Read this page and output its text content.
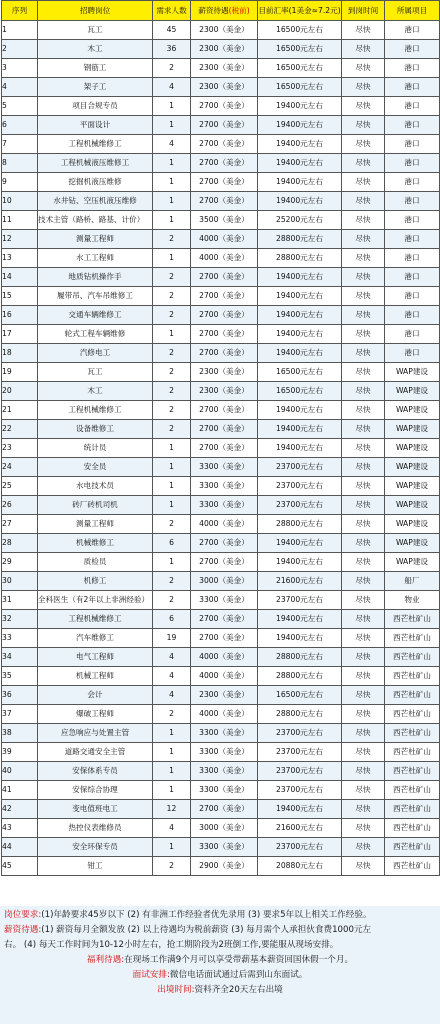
序列	招聘岗位	需求人数	薪资待遇(税前)	目前汇率(1美金≈7.2元)	到岗时间	所属项目
1	瓦工	45	2300（美金）	16500元左右	尽快	港口
2	木工	36	2300（美金）	16500元左右	尽快	港口
3	钢筋工	2	2300（美金）	16500元左右	尽快	港口
4	架子工	4	2300（美金）	16500元左右	尽快	港口
5	项目合规专员	1	2700（美金）	19400元左右	尽快	港口
6	平面设计	1	2700（美金）	19400元左右	尽快	港口
7	工程机械维修工	4	2700（美金）	19400元左右	尽快	港口
8	工程机械液压维修工	1	2700（美金）	19400元左右	尽快	港口
9	挖掘机液压维修	1	2700（美金）	19400元左右	尽快	港口
10	水井钻、空压机液压维修	1	2700（美金）	19400元左右	尽快	港口
11	技术主管（路桥、路基、计价）	1	3500（美金）	25200元左右	尽快	港口
12	测量工程师	2	4000（美金）	28800元左右	尽快	港口
13	水工工程师	1	4000（美金）	28800元左右	尽快	港口
14	地质钻机操作手	2	2700（美金）	19400元左右	尽快	港口
15	履带吊、汽车吊维修工	2	2700（美金）	19400元左右	尽快	港口
16	交通车辆维修工	2	2700（美金）	19400元左右	尽快	港口
17	轮式工程车辆维修	1	2700（美金）	19400元左右	尽快	港口
18	汽修电工	2	2700（美金）	19400元左右	尽快	港口
19	瓦工	2	2300（美金）	16500元左右	尽快	WAP建设
20	木工	2	2300（美金）	16500元左右	尽快	WAP建设
21	工程机械维修工	2	2700（美金）	19400元左右	尽快	WAP建设
22	设备维修工	2	2700（美金）	19400元左右	尽快	WAP建设
23	统计员	1	2700（美金）	19400元左右	尽快	WAP建设
24	安全员	1	3300（美金）	23700元左右	尽快	WAP建设
25	水电技术员	1	3300（美金）	23700元左右	尽快	WAP建设
26	砖厂砖机司机	1	3300（美金）	23700元左右	尽快	WAP建设
27	测量工程师	2	4000（美金）	28800元左右	尽快	WAP建设
28	机械维修工	6	2700（美金）	19400元左右	尽快	WAP建设
29	质检员	1	2700（美金）	19400元左右	尽快	WAP建设
30	机修工	2	3000（美金）	21600元左右	尽快	船厂
31	全科医生（有2年以上非洲经验）	2	3300（美金）	23700元左右	尽快	物业
32	工程机械维修工	6	2700（美金）	19400元左右	尽快	西芒杜矿山
33	汽车维修工	19	2700（美金）	19400元左右	尽快	西芒杜矿山
34	电气工程师	4	4000（美金）	28800元左右	尽快	西芒杜矿山
35	机械工程师	4	4000（美金）	28800元左右	尽快	西芒杜矿山
36	会计	4	2300（美金）	16500元左右	尽快	西芒杜矿山
37	爆破工程师	2	4000（美金）	28800元左右	尽快	西芒杜矿山
38	应急响应与处置主管	1	3300（美金）	23700元左右	尽快	西芒杜矿山
39	道路交通安全主管	1	3300（美金）	23700元左右	尽快	西芒杜矿山
40	安保体系专员	1	3300（美金）	23700元左右	尽快	西芒杜矿山
41	安保综合协理	1	3300（美金）	23700元左右	尽快	西芒杜矿山
42	变电值班电工	12	2700（美金）	19400元左右	尽快	西芒杜矿山
43	热控仪表维修员	4	3000（美金）	21600元左右	尽快	西芒杜矿山
44	安全环保专员	1	3300（美金）	23700元左右	尽快	西芒杜矿山
45	钳工	2	2900（美金）	20880元左右	尽快	西芒杜矿山
岗位要求:(1)年龄要求45岁以下 (2) 有非洲工作经验者优先录用 (3) 要求5年以上相关工作经验。
薪资待遇:(1) 薪资每月全额发放 (2) 以上待遇均为税前薪资 (3) 每月需个人承担伙食费1000元左
右。 (4) 每天工作时间为10-12小时左右，抢工期阶段为2班倒工作,要能服从现场安排。
福利待遇:在现场工作满9个月可以享受带薪基本薪资回国休假一个月。
面试安排:微信电话面试通过后需到山东面试。
出境时间:资料齐全20天左右出境
